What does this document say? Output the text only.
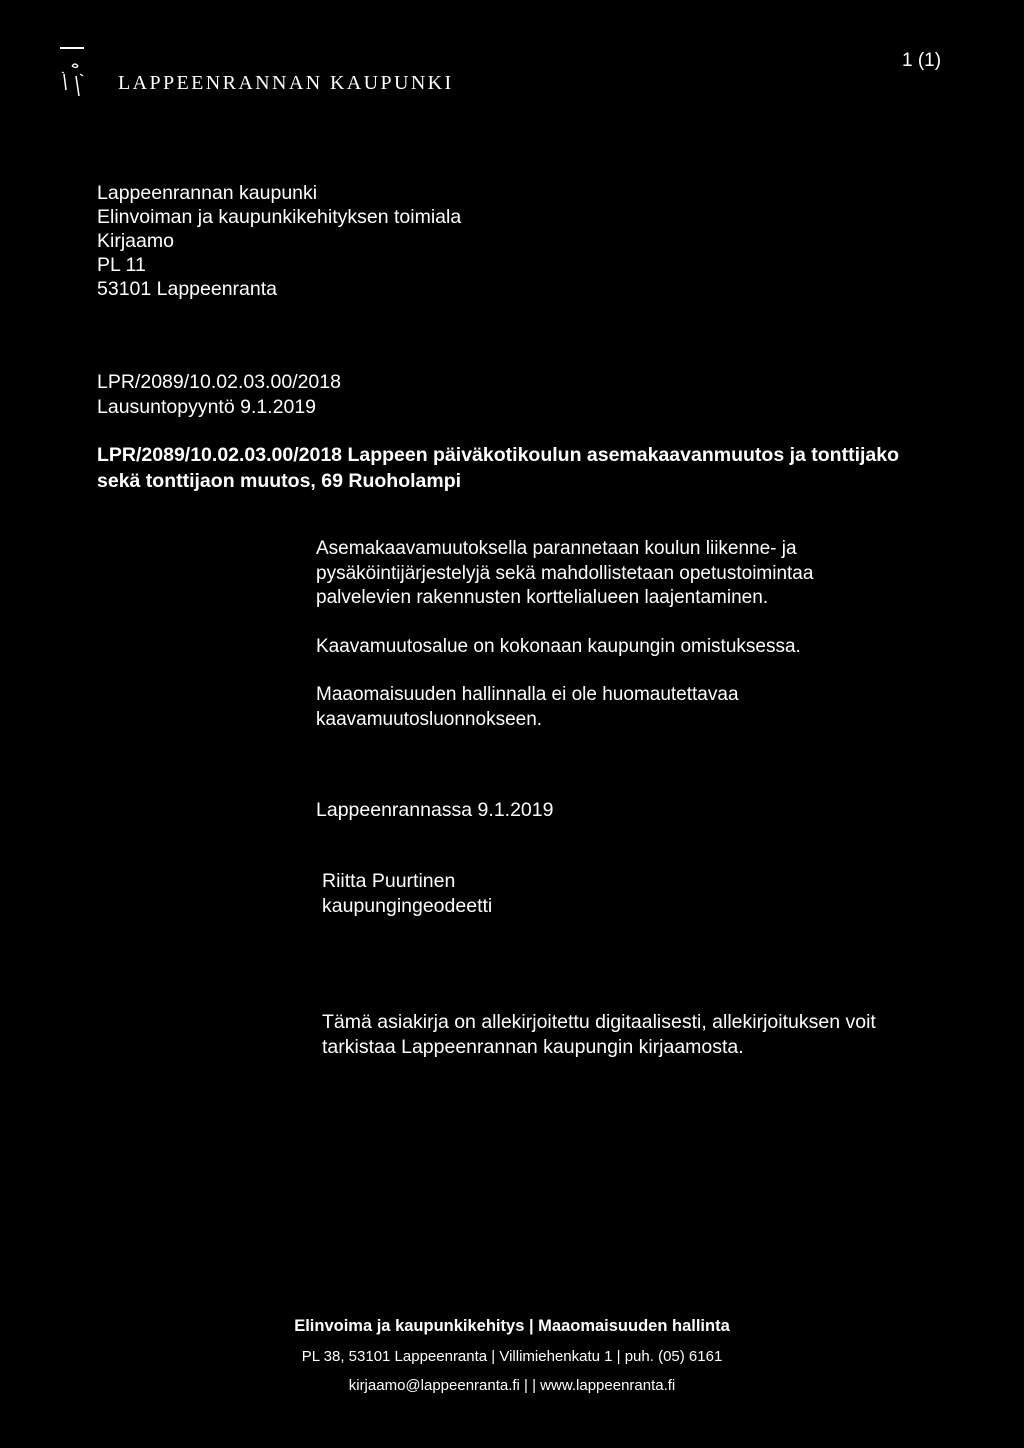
LAPPEENRANNAN KAUPUNKI
1 (1)
Lappeenrannan kaupunki
Elinvoiman ja kaupunkikehityksen toimiala
Kirjaamo
PL 11
53101 Lappeenranta
LPR/2089/10.02.03.00/2018
Lausuntopyyntö 9.1.2019
LPR/2089/10.02.03.00/2018 Lappeen päiväkotikoulun asemakaavanmuutos ja tonttijako
sekä tonttijaon muutos, 69 Ruoholampi

Asemakaavamuutoksella parannetaan koulun liikenne- ja
pysäköintijärjestelyjä sekä mahdollistetaan opetustoimintaa
palvelevien rakennusten korttelialueen laajentaminen.

Kaavamuutosalue on kokonaan kaupungin omistuksessa.

Maaomaisuuden hallinnalla ei ole huomautettavaa
kaavamuutosluonnokseen.

Lappeenrannassa 9.1.2019
Riitta Puurtinen
kaupungingeodeetti
Tämä asiakirja on allekirjoitettu digitaalisesti, allekirjoituksen voit
tarkistaa Lappeenrannan kaupungin kirjaamosta.
Elinvoima ja kaupunkikehitys | Maaomaisuuden hallinta
PL 38, 53101 Lappeenranta | Villimiehenkatu 1 | puh. (05) 6161
kirjaamo@lappeenranta.fi | | www.lappeenranta.fi
